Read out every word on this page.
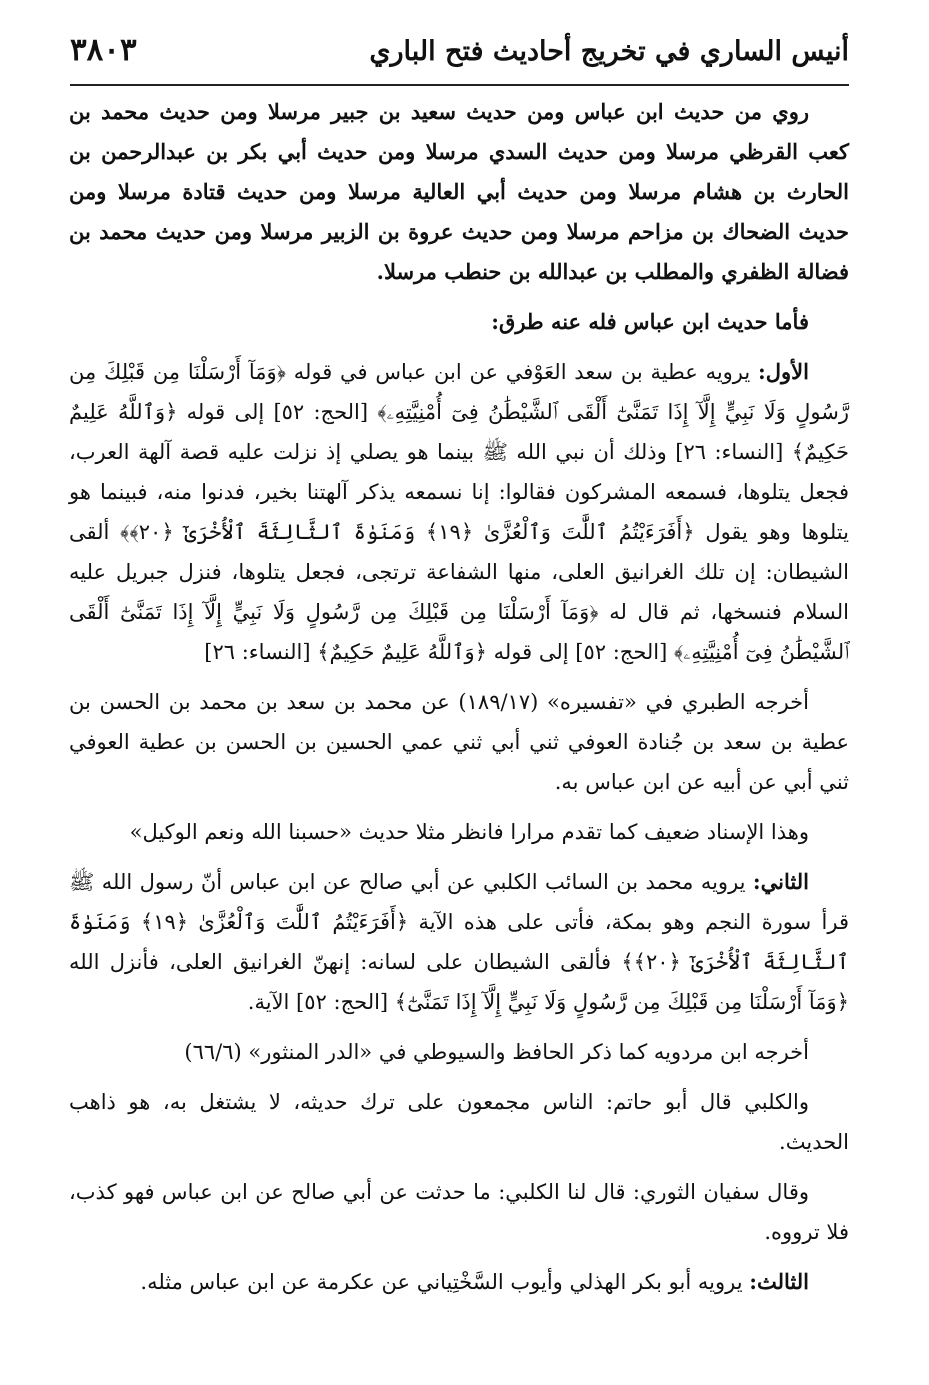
أنيس الساري في تخريج أحاديث فتح الباري
٣٨٠٣

روي من حديث ابن عباس ومن حديث سعيد بن جبير مرسلا ومن حديث محمد بن كعب القرظي مرسلا ومن حديث السدي مرسلا ومن حديث أبي بكر بن عبدالرحمن بن الحارث بن هشام مرسلا ومن حديث أبي العالية مرسلا ومن حديث قتادة مرسلا ومن حديث الضحاك بن مزاحم مرسلا ومن حديث عروة بن الزبير مرسلا ومن حديث محمد بن فضالة الظفري والمطلب بن عبدالله بن حنطب مرسلا.

فأما حديث ابن عباس فله عنه طرق:

الأول: يرويه عطية بن سعد العَوْفي عن ابن عباس في قوله ﴿وَمَآ أَرْسَلْنَا مِن قَبْلِكَ مِن رَّسُولٍ وَلَا نَبِيٍّ إِلَّآ إِذَا تَمَنَّىٰٓ أَلْقَى ٱلشَّيْطَٰنُ فِىٓ أُمْنِيَّتِهِۦ﴾ [الحج: ٥٢] إلى قوله ﴿وَٱللَّهُ عَلِيمٌ حَكِيمٌ﴾ [النساء: ٢٦] وذلك أن نبي الله ﷺ بينما هو يصلي إذ نزلت عليه قصة آلهة العرب، فجعل يتلوها، فسمعه المشركون فقالوا: إنا نسمعه يذكر آلهتنا بخير، فدنوا منه، فبينما هو يتلوها وهو يقول ﴿أَفَرَءَيْتُمُ ٱللَّٰتَ وَٱلْعُزَّىٰ ﴿١٩﴾ وَمَنَوٰةَ ٱلثَّالِثَةَ ٱلْأُخْرَىٰٓ ﴿٢٠﴾﴾ ألقى الشيطان: إن تلك الغرانيق العلى، منها الشفاعة ترتجى، فجعل يتلوها، فنزل جبريل عليه السلام فنسخها، ثم قال له ﴿وَمَآ أَرْسَلْنَا مِن قَبْلِكَ مِن رَّسُولٍ وَلَا نَبِيٍّ إِلَّآ إِذَا تَمَنَّىٰٓ أَلْقَى ٱلشَّيْطَٰنُ فِىٓ أُمْنِيَّتِهِۦ﴾ [الحج: ٥٢] إلى قوله ﴿وَٱللَّهُ عَلِيمٌ حَكِيمٌ﴾ [النساء: ٢٦]

أخرجه الطبري في «تفسيره» (١٨٩/١٧) عن محمد بن سعد بن محمد بن الحسن بن عطية بن سعد بن جُنادة العوفي ثني أبي ثني عمي الحسين بن الحسن بن عطية العوفي ثني أبي عن أبيه عن ابن عباس به.

وهذا الإسناد ضعيف كما تقدم مرارا فانظر مثلا حديث «حسبنا الله ونعم الوكيل»

الثاني: يرويه محمد بن السائب الكلبي عن أبي صالح عن ابن عباس أنّ رسول الله ﷺ قرأ سورة النجم وهو بمكة، فأتى على هذه الآية ﴿أَفَرَءَيْتُمُ ٱللَّٰتَ وَٱلْعُزَّىٰ ﴿١٩﴾ وَمَنَوٰةَ ٱلثَّالِثَةَ ٱلْأُخْرَىٰٓ ﴿٢٠﴾﴾ فألقى الشيطان على لسانه: إنهنّ الغرانيق العلى، فأنزل الله ﴿وَمَآ أَرْسَلْنَا مِن قَبْلِكَ مِن رَّسُولٍ وَلَا نَبِيٍّ إِلَّآ إِذَا تَمَنَّىٰٓ﴾ [الحج: ٥٢] الآية.

أخرجه ابن مردويه كما ذكر الحافظ والسيوطي في «الدر المنثور» (٦٦/٦)

والكلبي قال أبو حاتم: الناس مجمعون على ترك حديثه، لا يشتغل به، هو ذاهب الحديث.

وقال سفيان الثوري: قال لنا الكلبي: ما حدثت عن أبي صالح عن ابن عباس فهو كذب، فلا ترووه.

الثالث: يرويه أبو بكر الهذلي وأيوب السَّخْتِياني عن عكرمة عن ابن عباس مثله.
